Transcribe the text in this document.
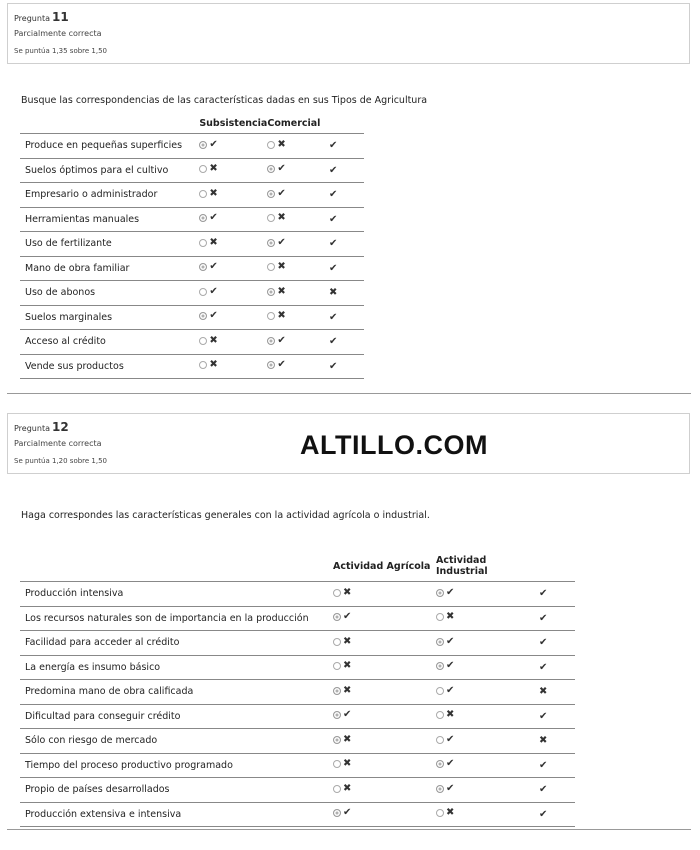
Pregunta 11
Parcialmente correcta
Se puntúa 1,35 sobre 1,50
Busque las correspondencias de las características dadas en sus Tipos de Agricultura
	Subsistencia	Comercial	
Produce en pequeñas superficies	✔	✖	✔
Suelos óptimos para el cultivo	✖	✔	✔
Empresario o administrador	✖	✔	✔
Herramientas manuales	✔	✖	✔
Uso de fertilizante	✖	✔	✔
Mano de obra familiar	✔	✖	✔
Uso de abonos	✔	✖	✖
Suelos marginales	✔	✖	✔
Acceso al crédito	✖	✔	✔
Vende sus productos	✖	✔	✔
Pregunta 12
Parcialmente correcta
Se puntúa 1,20 sobre 1,50
ALTILLO.COM
Haga correspondes las características generales con la actividad agrícola o industrial.
	Actividad Agrícola	Actividad Industrial	
Producción intensiva	✖	✔	✔
Los recursos naturales son de importancia en la producción	✔	✖	✔
Facilidad para acceder al crédito	✖	✔	✔
La energía es insumo básico	✖	✔	✔
Predomina mano de obra calificada	✖	✔	✖
Dificultad para conseguir crédito	✔	✖	✔
Sólo con riesgo de mercado	✖	✔	✖
Tiempo del proceso productivo programado	✖	✔	✔
Propio de países desarrollados	✖	✔	✔
Producción extensiva e intensiva	✔	✖	✔
